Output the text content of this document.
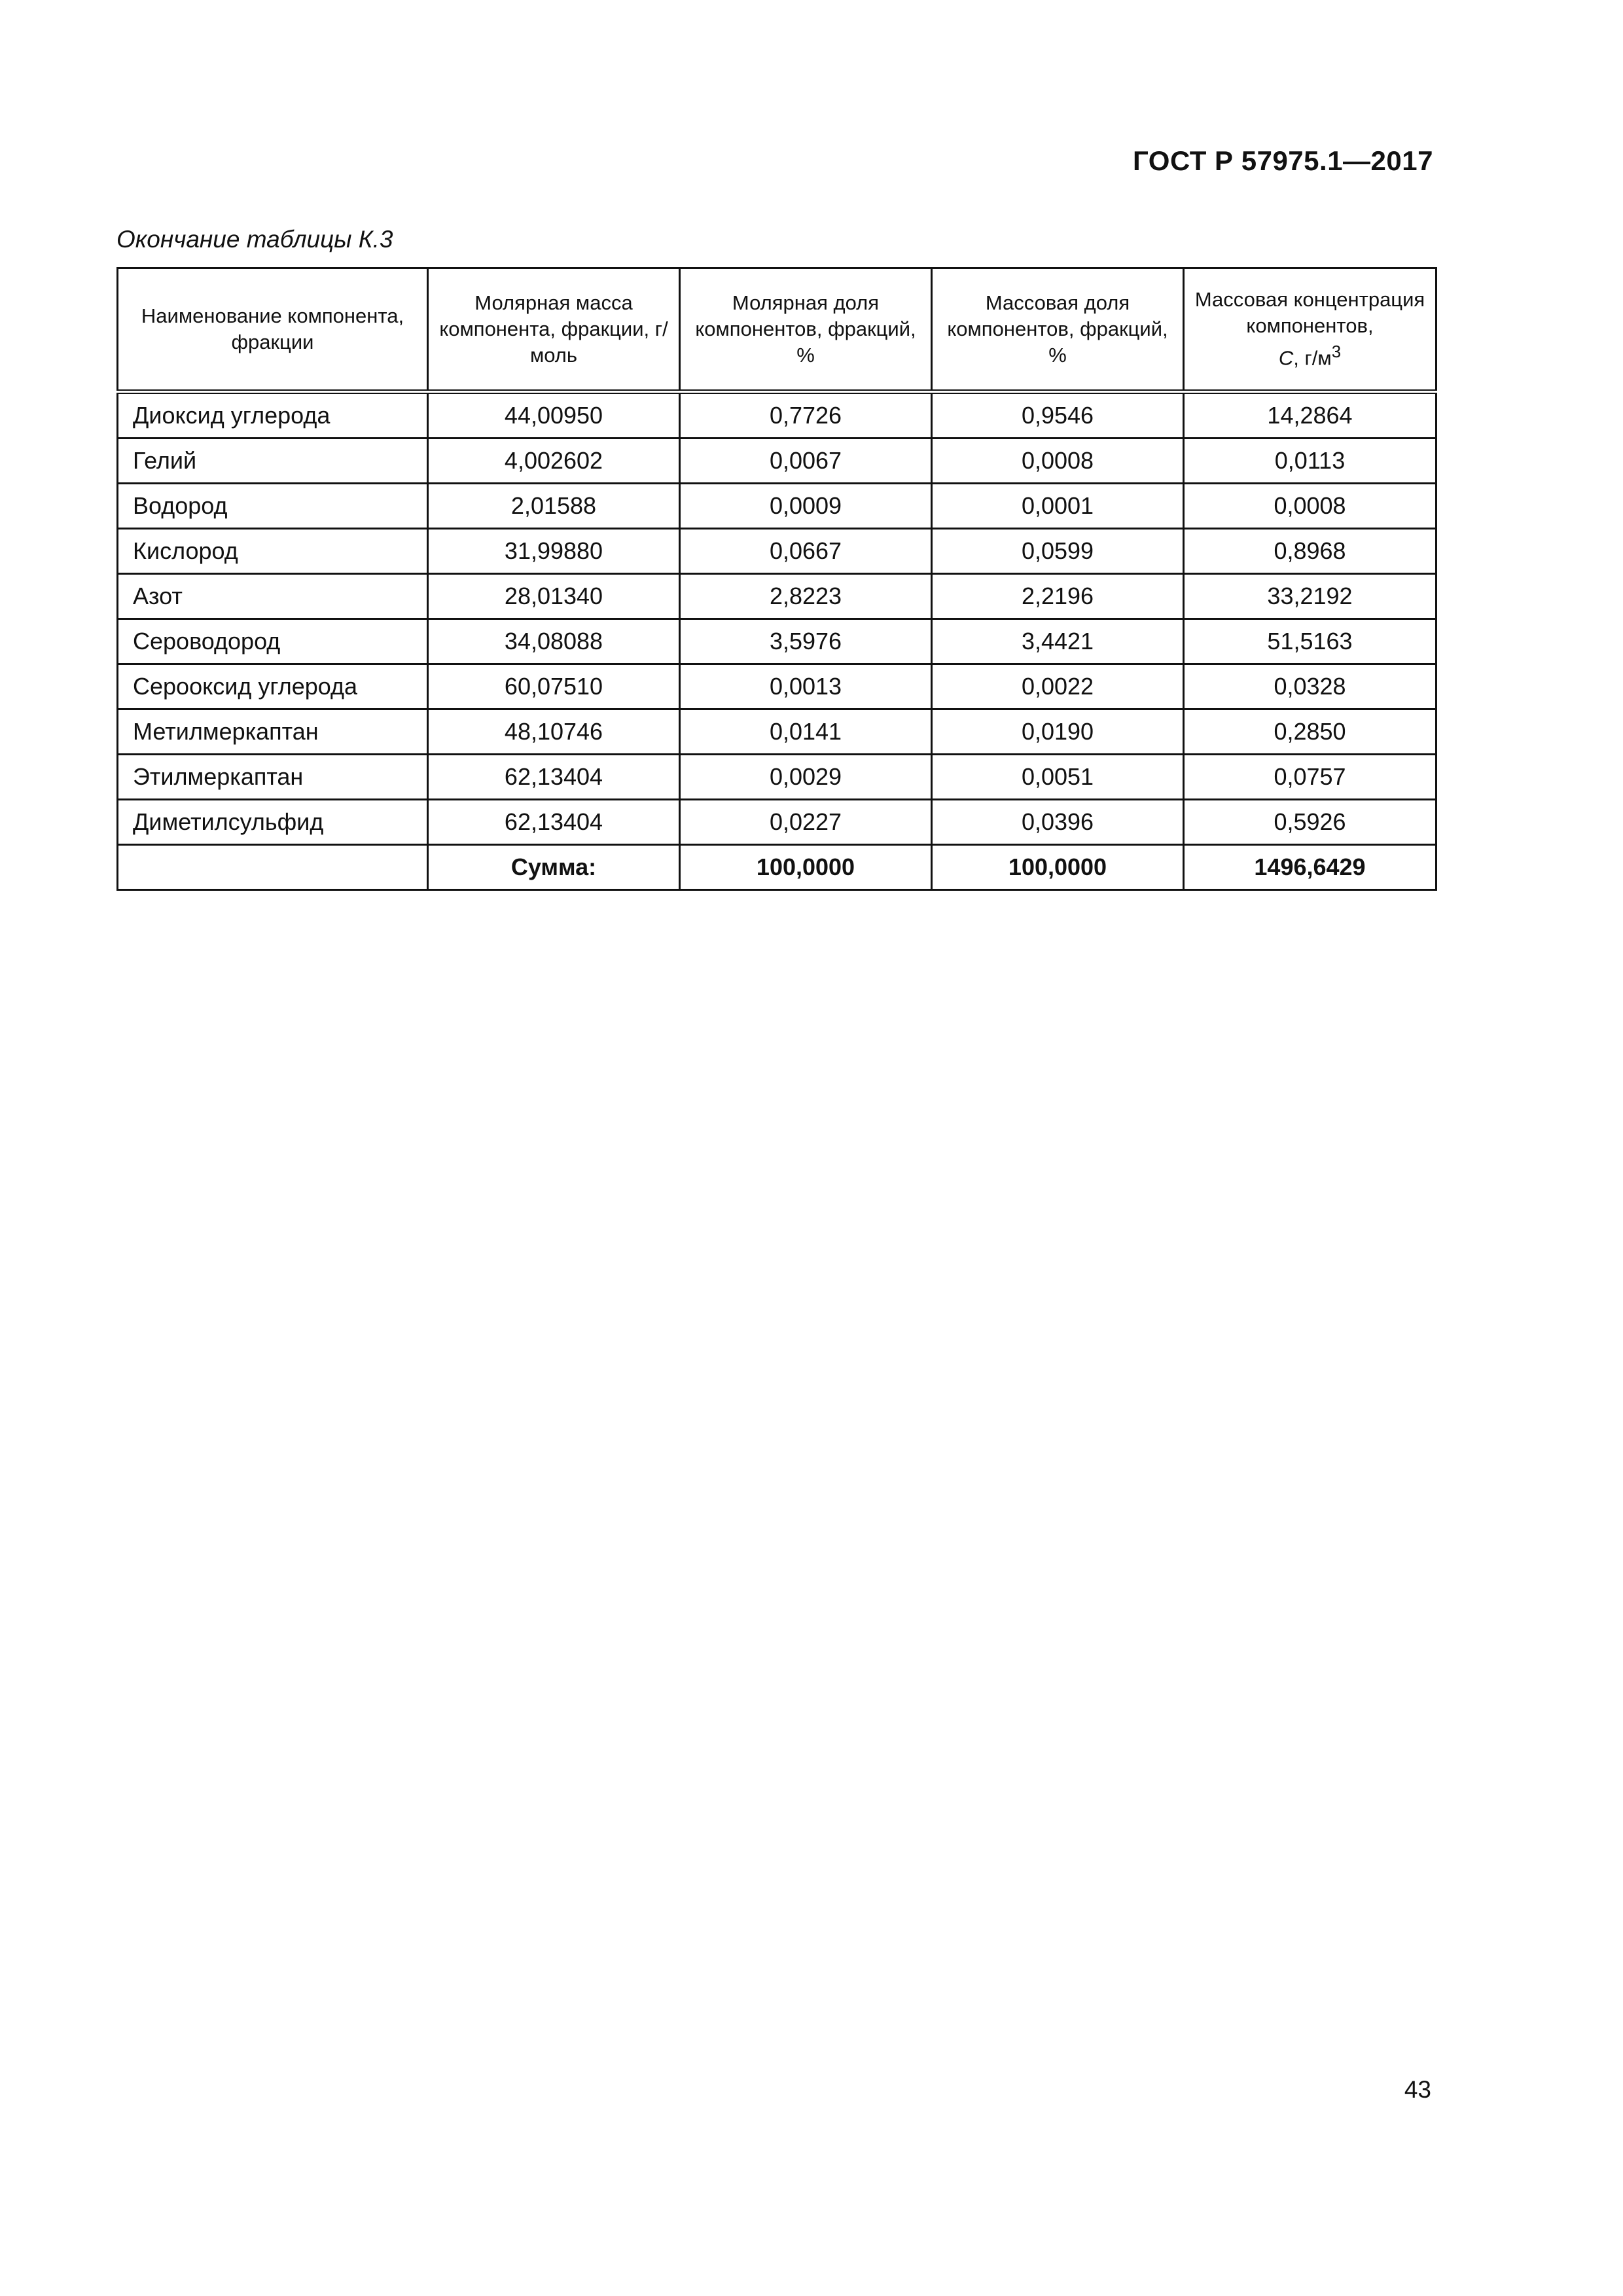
ГОСТ Р 57975.1—2017
Окончание таблицы К.3
Наименование компонента, фракции	Молярная масса компонента, фракции, г/моль	Молярная доля компонентов, фракций, %	Массовая доля компонентов, фракций, %	Массовая концентрация компонентов,
С, $г/м^3$
Диоксид углерода	44,00950	0,7726	0,9546	14,2864
Гелий	4,002602	0,0067	0,0008	0,0113
Водород	2,01588	0,0009	0,0001	0,0008
Кислород	31,99880	0,0667	0,0599	0,8968
Азот	28,01340	2,8223	2,2196	33,2192
Сероводород	34,08088	3,5976	3,4421	51,5163
Серооксид углерода	60,07510	0,0013	0,0022	0,0328
Метилмеркаптан	48,10746	0,0141	0,0190	0,2850
Этилмеркаптан	62,13404	0,0029	0,0051	0,0757
Диметилсульфид	62,13404	0,0227	0,0396	0,5926
	Сумма:	100,0000	100,0000	1496,6429
43
